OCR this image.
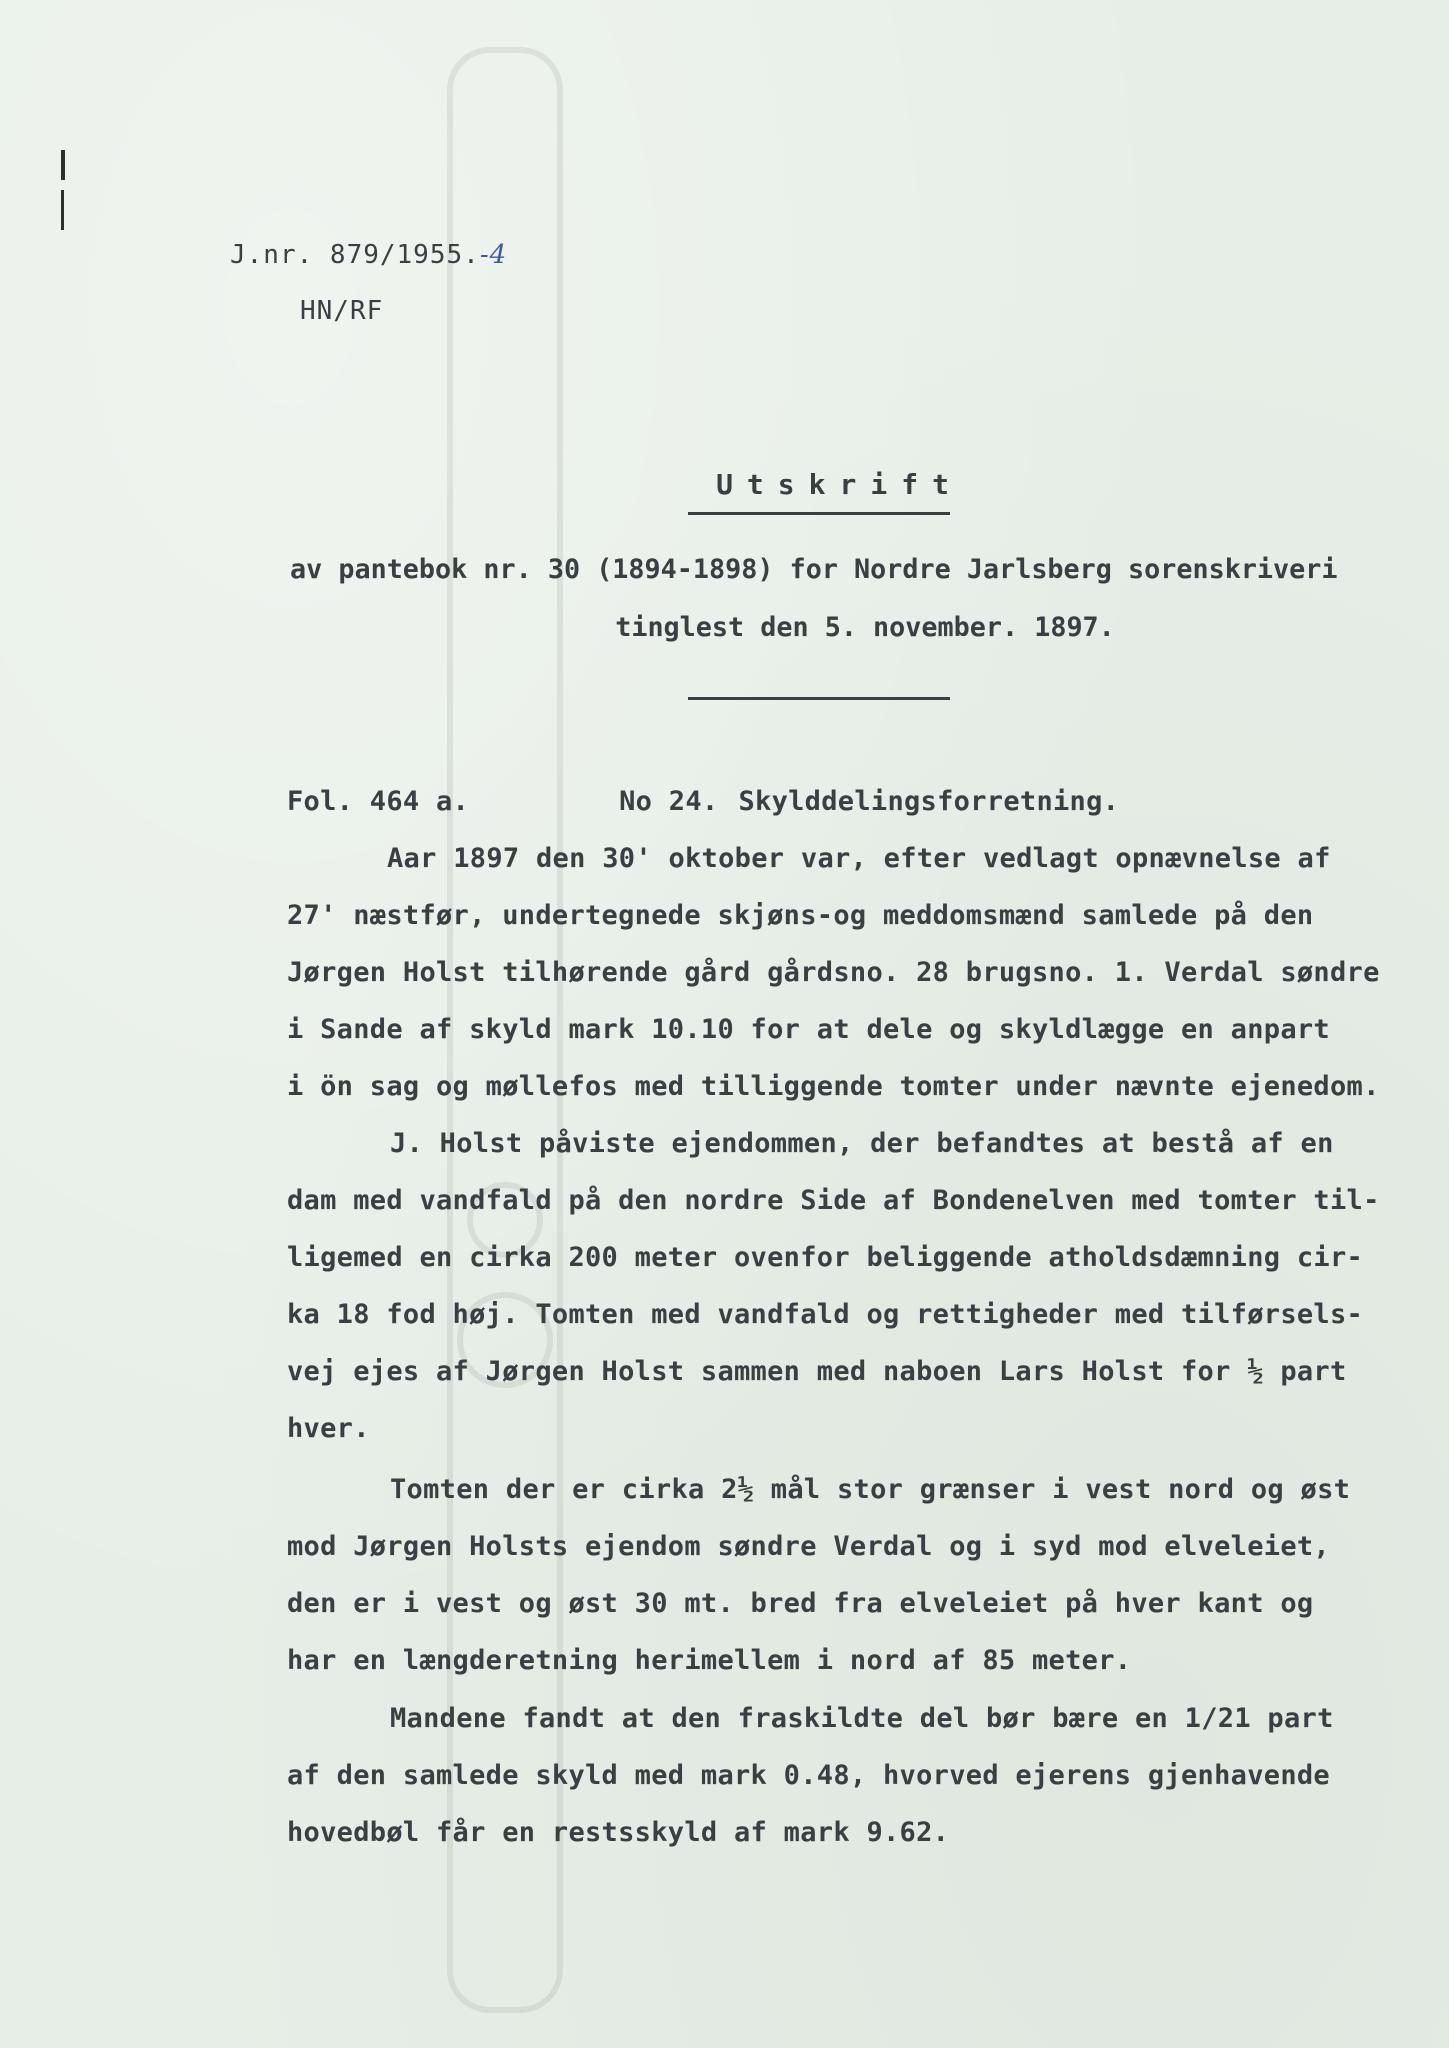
J.nr. 879/1955.-4
HN/RF
Utskrift
av pantebok nr. 30 (1894-1898) for Nordre Jarlsberg sorenskriveri
tinglest den 5. november. 1897.
Fol. 464 a.	No 24. Skylddelingsforretning.
Aar 1897 den 30' oktober var, efter vedlagt opnævnelse af
27' næstfør, undertegnede skjøns-og meddomsmænd samlede på den
Jørgen Holst tilhørende gård gårdsno. 28 brugsno. 1. Verdal søndre
i Sande af skyld mark 10.10 for at dele og skyldlægge en anpart
i ön sag og møllefos med tilliggende tomter under nævnte ejenedom.
J. Holst påviste ejendommen, der befandtes at bestå af en
dam med vandfald på den nordre Side af Bondenelven med tomter til-
ligemed en cirka 200 meter ovenfor beliggende atholdsdæmning cir-
ka 18 fod høj. Tomten med vandfald og rettigheder med tilførsels-
vej ejes af Jørgen Holst sammen med naboen Lars Holst for ½ part
hver.
Tomten der er cirka 2½ mål stor grænser i vest nord og øst
mod Jørgen Holsts ejendom søndre Verdal og i syd mod elveleiet,
den er i vest og øst 30 mt. bred fra elveleiet på hver kant og
har en længderetning herimellem i nord af 85 meter.
Mandene fandt at den fraskildte del bør bære en 1/21 part
af den samlede skyld med mark 0.48, hvorved ejerens gjenhavende
hovedbøl får en restsskyld af mark 9.62.
